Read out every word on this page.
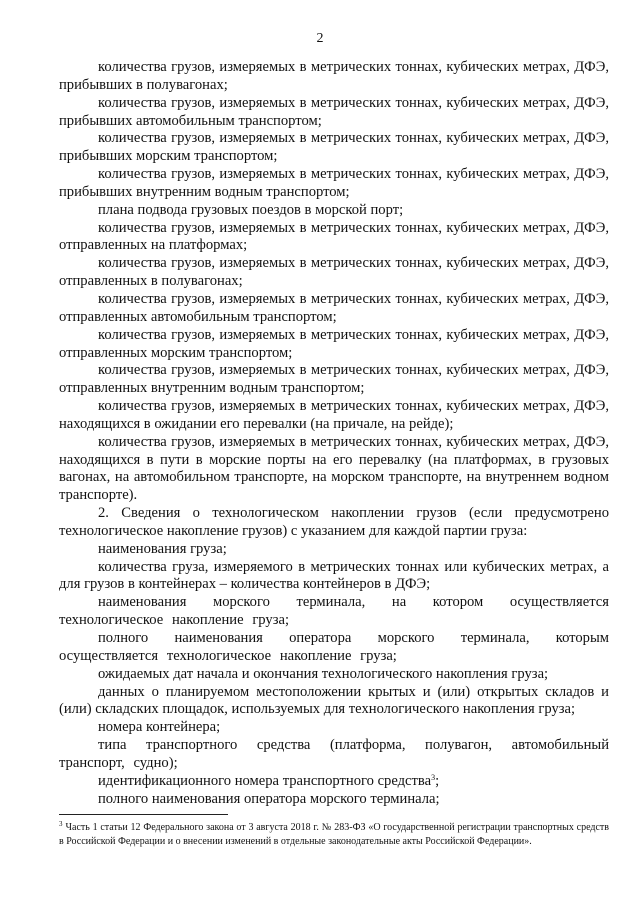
2

количества грузов, измеряемых в метрических тоннах, кубических метрах, ДФЭ, прибывших в полувагонах;

количества грузов, измеряемых в метрических тоннах, кубических метрах, ДФЭ, прибывших автомобильным транспортом;

количества грузов, измеряемых в метрических тоннах, кубических метрах, ДФЭ, прибывших морским транспортом;

количества грузов, измеряемых в метрических тоннах, кубических метрах, ДФЭ, прибывших внутренним водным транспортом;

плана подвода грузовых поездов в морской порт;

количества грузов, измеряемых в метрических тоннах, кубических метрах, ДФЭ, отправленных на платформах;

количества грузов, измеряемых в метрических тоннах, кубических метрах, ДФЭ, отправленных в полувагонах;

количества грузов, измеряемых в метрических тоннах, кубических метрах, ДФЭ, отправленных автомобильным транспортом;

количества грузов, измеряемых в метрических тоннах, кубических метрах, ДФЭ, отправленных морским транспортом;

количества грузов, измеряемых в метрических тоннах, кубических метрах, ДФЭ, отправленных внутренним водным транспортом;

количества грузов, измеряемых в метрических тоннах, кубических метрах, ДФЭ, находящихся в ожидании его перевалки (на причале, на рейде);

количества грузов, измеряемых в метрических тоннах, кубических метрах, ДФЭ, находящихся в пути в морские порты на его перевалку (на платформах, в грузовых вагонах, на автомобильном транспорте, на морском транспорте, на внутреннем водном транспорте).

2. Сведения о технологическом накоплении грузов (если предусмотрено технологическое накопление грузов) с указанием для каждой партии груза:

наименования груза;

количества груза, измеряемого в метрических тоннах или кубических метрах, а для грузов в контейнерах – количества контейнеров в ДФЭ;

наименования морского терминала, на котором осуществляется технологическое накопление груза;

полного наименования оператора морского терминала, которым осуществляется технологическое накопление груза;

ожидаемых дат начала и окончания технологического накопления груза;

данных о планируемом местоположении крытых и (или) открытых складов и (или) складских площадок, используемых для технологического накопления груза;

номера контейнера;

типа транспортного средства (платформа, полувагон, автомобильный транспорт, судно);

идентификационного номера транспортного средства$^3$;

полного наименования оператора морского терминала;

$^3$ Часть 1 статьи 12 Федерального закона от 3 августа 2018 г. № 283-ФЗ «О государственной регистрации транспортных средств в Российской Федерации и о внесении изменений в отдельные законодательные акты Российской Федерации».
